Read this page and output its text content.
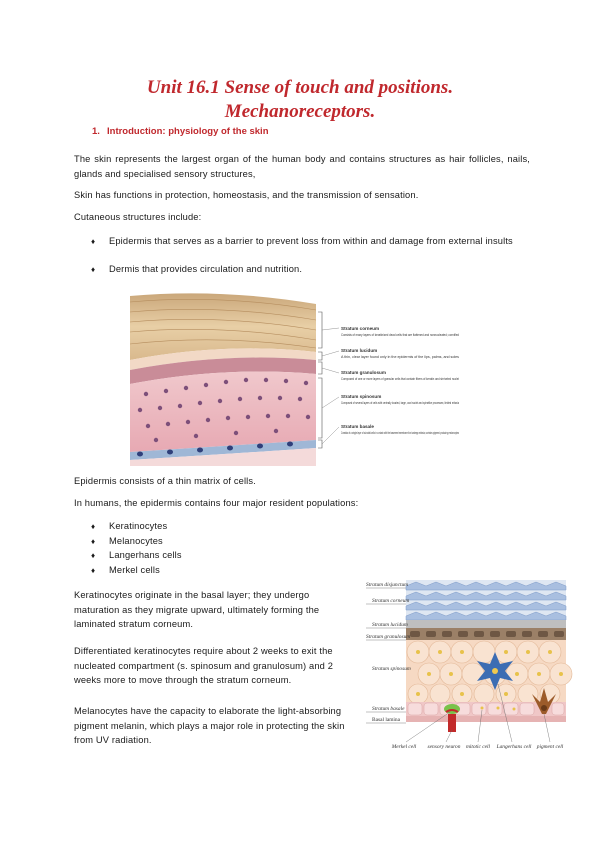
Unit 16.1 Sense of touch and positions.
Mechanoreceptors.
1. Introduction: physiology of the skin
The skin represents the largest organ of the human body and contains structures as hair follicles, nails, glands and specialised sensory structures,
Skin has functions in protection, homeostasis, and the transmission of sensation.
Cutaneous structures include:
♦ Epidermis that serves as a barrier to prevent loss from within and damage from external insults
♦ Dermis that provides circulation and nutrition.
Stratum corneum
Consists of many layers of keratinized dead cells that are flattened and nonnucleated; cornified
Stratum lucidum
A thin, clear layer found only in the epidermis of the lips, palms, and soles
Stratum granulosum
Composed of one or more layers of granular cells that contain fibers of keratin and shriveled nuclei
Stratum spinosum
Composed of several layers of cells with centrally located, large, oval nuclei and spinelike processes; limited mitosis
Stratum basale
Consists of a single layer of cuboidal cells in contact with the basement membrane that undergo mitosis; contains pigment-producing melanocytes
Epidermis consists of a thin matrix of cells.
In humans, the epidermis contains four major resident populations:
♦ Keratinocytes
♦ Melanocytes
♦ Langerhans cells
♦ Merkel cells
Keratinocytes originate in the basal layer; they undergo maturation as they migrate upward, ultimately forming the laminated stratum corneum.
Differentiated keratinocytes require about 2 weeks to exit the nucleated compartment (s. spinosum and granulosum) and 2 weeks more to move through the stratum corneum.
Melanocytes have the capacity to elaborate the light-absorbing pigment melanin, which plays a major role in protecting the skin from UV radiation.
Stratum disjunctum
Stratum corneum
Stratum lucidum
Stratum granulosum
Stratum spinosum
Stratum basale
Basal lamina
Merkel cell sensory neuron mitotic cell Langerhans cell pigment cell
